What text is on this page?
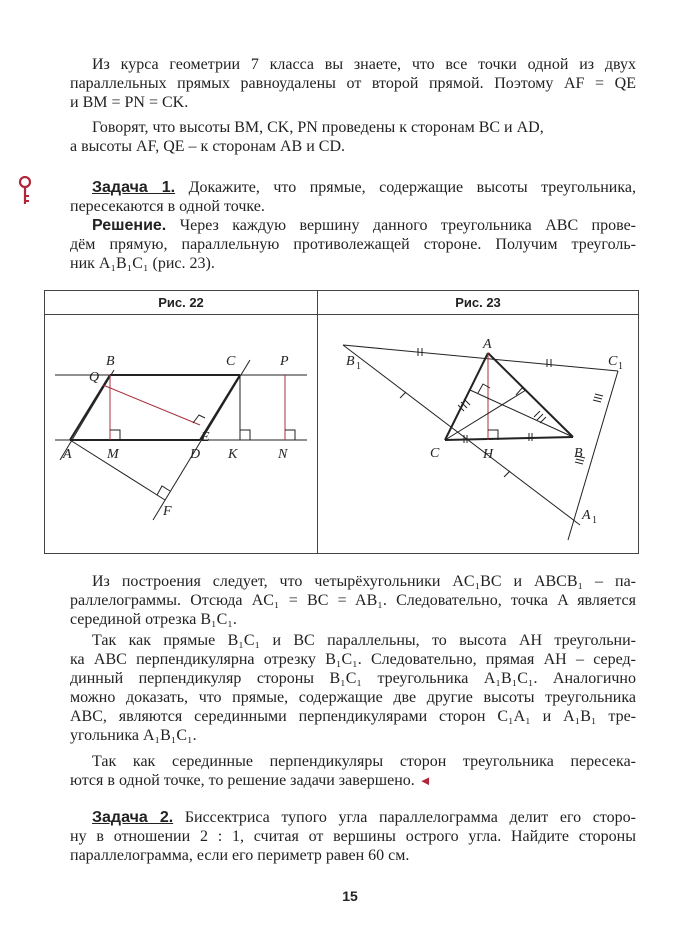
Из курса геометрии 7 класса вы знаете, что все точки одной из двух
параллельных прямых равноудалены от второй прямой. Поэтому AF = QE
и BM = PN = CK.
Говорят, что высоты BM, CK, PN проведены к сторонам BC и AD,
а высоты AF, QE – к сторонам AB и CD.
Задача 1. Докажите, что прямые, содержащие высоты треугольника,
пересекаются в одной точке.
Решение. Через каждую вершину данного треугольника ABC прове-
дём прямую, параллельную противолежащей стороне. Получим треуголь-
ник A₁B₁C₁ (рис. 23).
Рис. 22	Рис. 23
B	C	P
Q
A	M	D K	N
E
F
A
B 1	C 1
C	H	B
A 1
Из построения следует, что четырёхугольники AC₁BC и ABCB₁ – па-
раллелограммы. Отсюда AC₁ = BC = AB₁. Следовательно, точка A является
серединой отрезка B₁C₁.
Так как прямые B₁C₁ и BC параллельны, то высота AH треугольни-
ка ABC перпендикулярна отрезку B₁C₁. Следовательно, прямая AH – серед-
динный перпендикуляр стороны B₁C₁ треугольника A₁B₁C₁. Аналогично
можно доказать, что прямые, содержащие две другие высоты треугольника
ABC, являются серединными перпендикулярами сторон C₁A₁ и A₁B₁ тре-
угольника A₁B₁C₁.
Так как серединные перпендикуляры сторон треугольника пересека-
ются в одной точке, то решение задачи завершено. ◄
Задача 2. Биссектриса тупого угла параллелограмма делит его сторо-
ну в отношении 2 : 1, считая от вершины острого угла. Найдите стороны
параллелограмма, если его периметр равен 60 см.
15
